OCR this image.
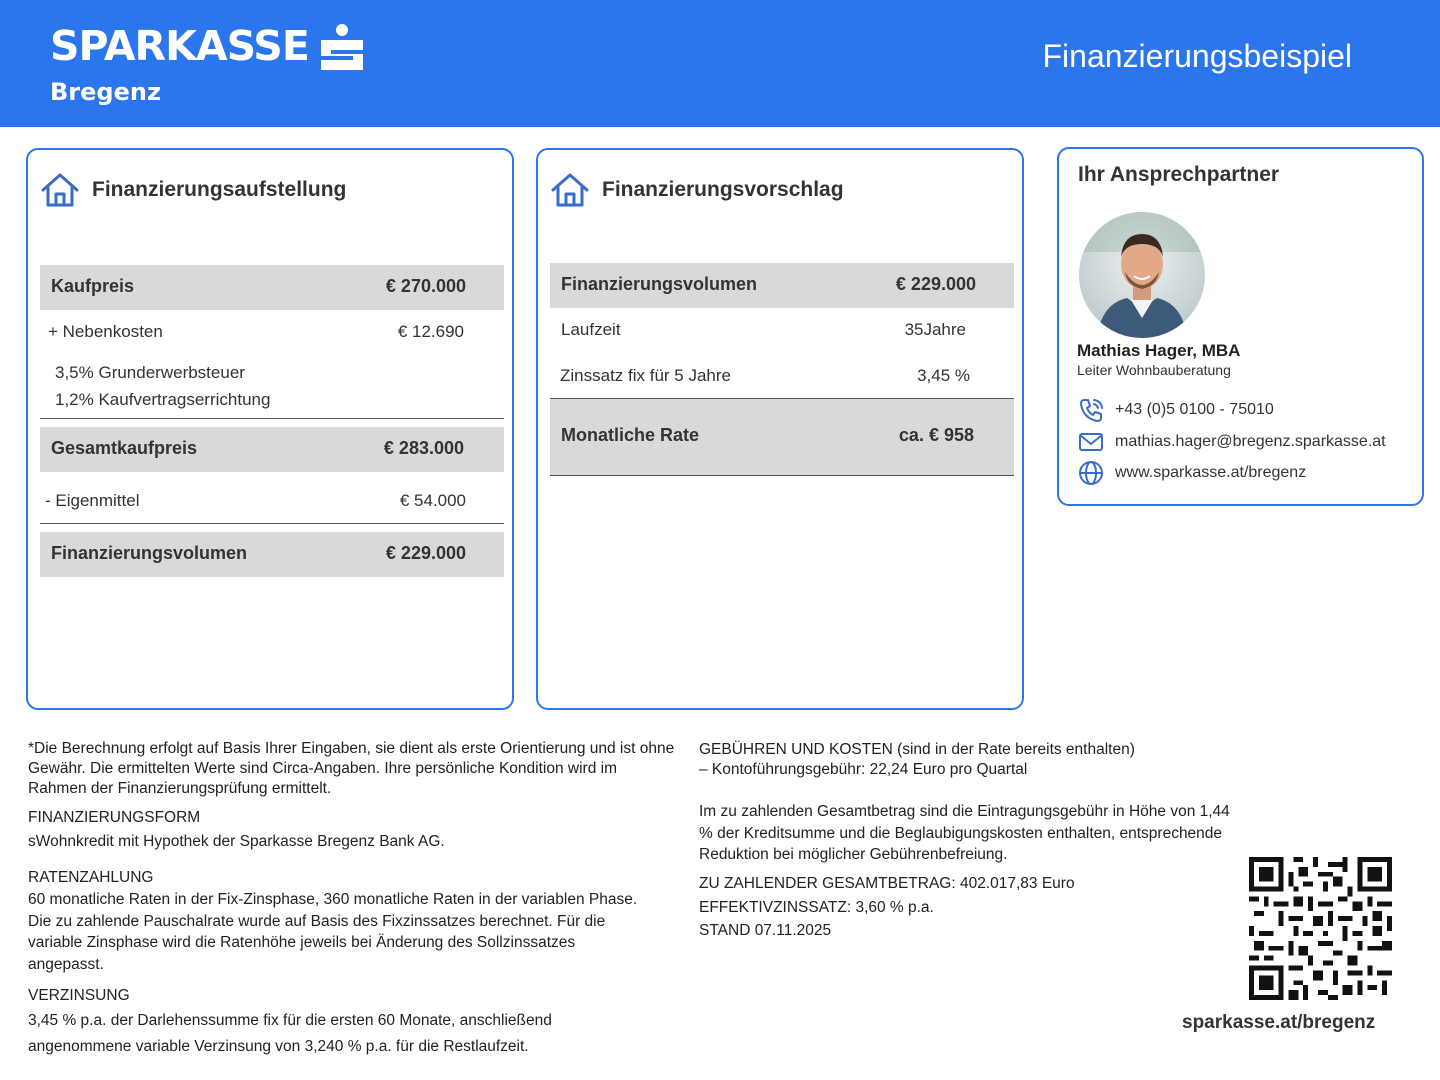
SPARKASSE
Bregenz
Finanzierungsbeispiel
Finanzierungsaufstellung
Kaufpreis	€ 270.000
+ Nebenkosten	€ 12.690
3,5% Grunderwerbsteuer
1,2% Kaufvertragserrichtung
Gesamtkaufpreis	€ 283.000
- Eigenmittel	€ 54.000
Finanzierungsvolumen	€ 229.000
Finanzierungsvorschlag
Finanzierungsvolumen	€ 229.000
Laufzeit	35Jahre
Zinssatz fix für 5 Jahre	3,45 %
Monatliche Rate	ca. € 958
Ihr Ansprechpartner
Mathias Hager, MBA
Leiter Wohnbauberatung
+43 (0)5 0100 - 75010
mathias.hager@bregenz.sparkasse.at
www.sparkasse.at/bregenz
*Die Berechnung erfolgt auf Basis Ihrer Eingaben, sie dient als erste Orientierung und ist ohne Gewähr. Die ermittelten Werte sind Circa-Angaben. Ihre persönliche Kondition wird im Rahmen der Finanzierungsprüfung ermittelt.
FINANZIERUNGSFORM
sWohnkredit mit Hypothek der Sparkasse Bregenz Bank AG.
RATENZAHLUNG
60 monatliche Raten in der Fix-Zinsphase, 360 monatliche Raten in der variablen Phase. Die zu zahlende Pauschalrate wurde auf Basis des Fixzinssatzes berechnet. Für die variable Zinsphase wird die Ratenhöhe jeweils bei Änderung des Sollzinssatzes angepasst.
VERZINSUNG
3,45 % p.a. der Darlehenssumme fix für die ersten 60 Monate, anschließend
angenommene variable Verzinsung von 3,240 % p.a. für die Restlaufzeit.
GEBÜHREN UND KOSTEN (sind in der Rate bereits enthalten)
– Kontoführungsgebühr: 22,24 Euro pro Quartal
Im zu zahlenden Gesamtbetrag sind die Eintragungsgebühr in Höhe von 1,44 % der Kreditsumme und die Beglaubigungskosten enthalten, entsprechende Reduktion bei möglicher Gebührenbefreiung.
ZU ZAHLENDER GESAMTBETRAG: 402.017,83 Euro
EFFEKTIVZINSSATZ: 3,60 % p.a.
STAND 07.11.2025
sparkasse.at/bregenz
